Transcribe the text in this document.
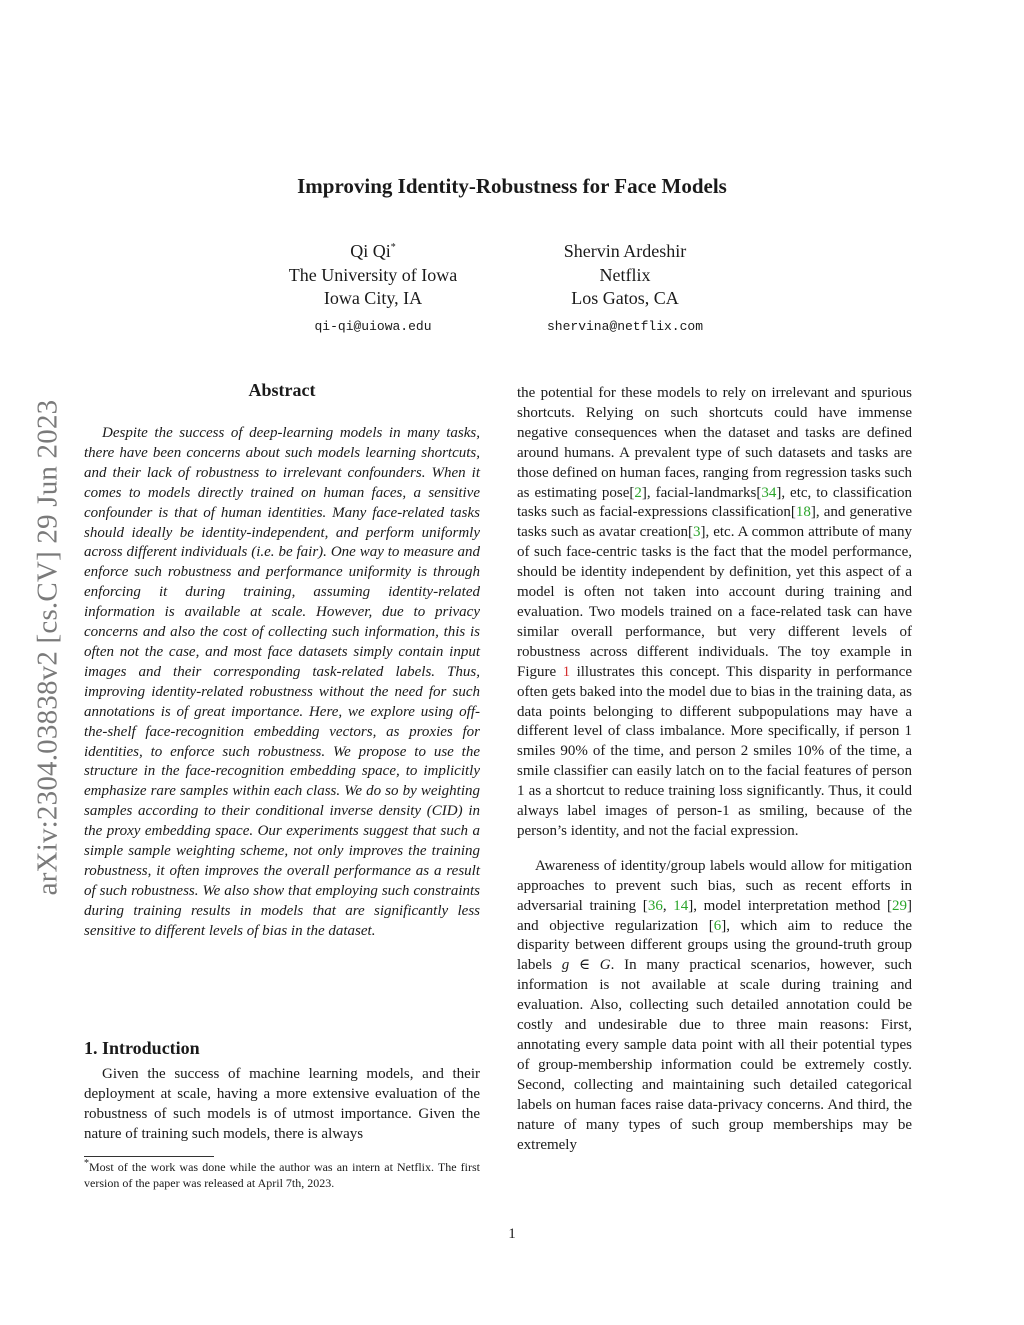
arXiv:2304.03838v2 [cs.CV] 29 Jun 2023
Improving Identity-Robustness for Face Models
Qi Qi*
The University of Iowa
Iowa City, IA
qi-qi@uiowa.edu
Shervin Ardeshir
Netflix
Los Gatos, CA
shervina@netflix.com
Abstract

Despite the success of deep-learning models in many tasks, there have been concerns about such models learning shortcuts, and their lack of robustness to irrelevant confounders. When it comes to models directly trained on human faces, a sensitive confounder is that of human identities. Many face-related tasks should ideally be identity-independent, and perform uniformly across different individuals (i.e. be fair). One way to measure and enforce such robustness and performance uniformity is through enforcing it during training, assuming identity-related information is available at scale. However, due to privacy concerns and also the cost of collecting such information, this is often not the case, and most face datasets simply contain input images and their corresponding task-related labels. Thus, improving identity-related robustness without the need for such annotations is of great importance. Here, we explore using off-the-shelf face-recognition embedding vectors, as proxies for identities, to enforce such robustness. We propose to use the structure in the face-recognition embedding space, to implicitly emphasize rare samples within each class. We do so by weighting samples according to their conditional inverse density (CID) in the proxy embedding space. Our experiments suggest that such a simple sample weighting scheme, not only improves the training robustness, it often improves the overall performance as a result of such robustness. We also show that employing such constraints during training results in models that are significantly less sensitive to different levels of bias in the dataset.

1. Introduction

Given the success of machine learning models, and their deployment at scale, having a more extensive evaluation of the robustness of such models is of utmost importance. Given the nature of training such models, there is always

*Most of the work was done while the author was an intern at Netflix. The first version of the paper was released at April 7th, 2023.

the potential for these models to rely on irrelevant and spurious shortcuts. Relying on such shortcuts could have immense negative consequences when the dataset and tasks are defined around humans. A prevalent type of such datasets and tasks are those defined on human faces, ranging from regression tasks such as estimating pose[2], facial-landmarks[34], etc, to classification tasks such as facial-expressions classification[18], and generative tasks such as avatar creation[3], etc. A common attribute of many of such face-centric tasks is the fact that the model performance, should be identity independent by definition, yet this aspect of a model is often not taken into account during training and evaluation. Two models trained on a face-related task can have similar overall performance, but very different levels of robustness across different individuals. The toy example in Figure 1 illustrates this concept. This disparity in performance often gets baked into the model due to bias in the training data, as data points belonging to different subpopulations may have a different level of class imbalance. More specifically, if person 1 smiles 90% of the time, and person 2 smiles 10% of the time, a smile classifier can easily latch on to the facial features of person 1 as a shortcut to reduce training loss significantly. Thus, it could always label images of person-1 as smiling, because of the person’s identity, and not the facial expression.

Awareness of identity/group labels would allow for mitigation approaches to prevent such bias, such as recent efforts in adversarial training [36, 14], model interpretation method [29] and objective regularization [6], which aim to reduce the disparity between different groups using the ground-truth group labels g ∈ G. In many practical scenarios, however, such information is not available at scale during training and evaluation. Also, collecting such detailed annotation could be costly and undesirable due to three main reasons: First, annotating every sample data point with all their potential types of group-membership information could be extremely costly. Second, collecting and maintaining such detailed categorical labels on human faces raise data-privacy concerns. And third, the nature of many types of such group memberships may be extremely

1
